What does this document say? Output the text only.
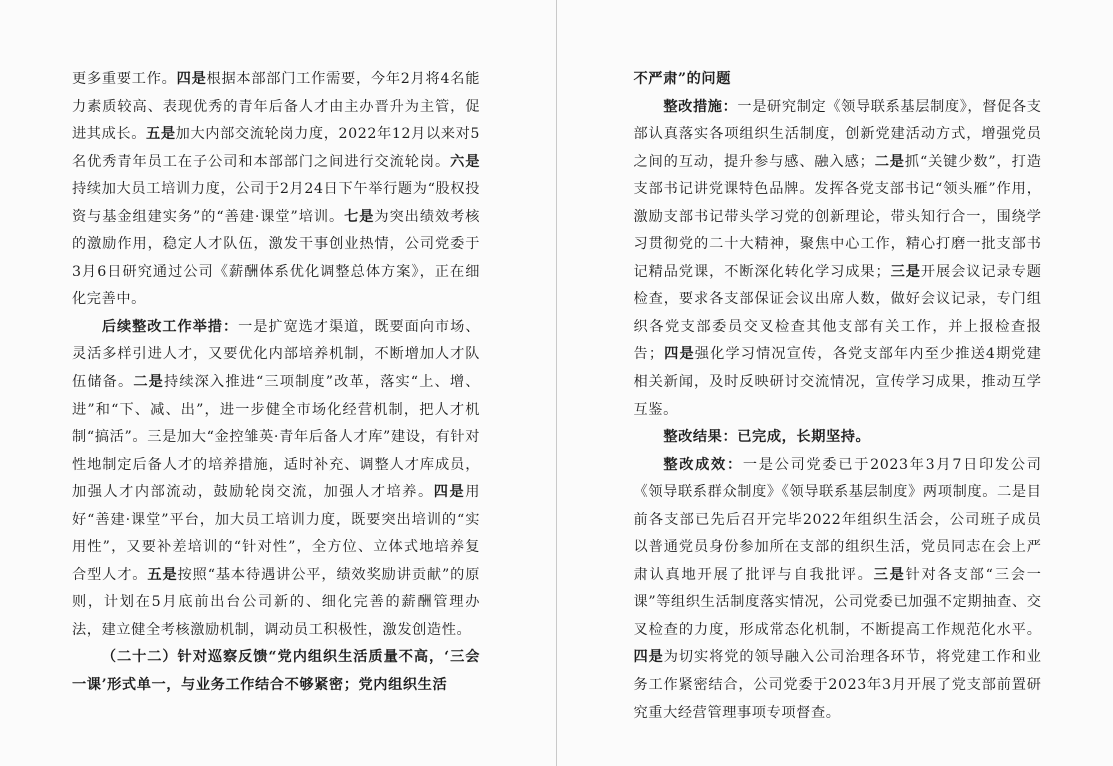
更多重要工作。四是根据本部部门工作需要，今年2月将4名能力素质较高、表现优秀的青年后备人才由主办晋升为主管，促进其成长。五是加大内部交流轮岗力度，2022年12月以来对5名优秀青年员工在子公司和本部部门之间进行交流轮岗。六是持续加大员工培训力度，公司于2月24日下午举行题为“股权投资与基金组建实务”的“善建·课堂”培训。七是为突出绩效考核的激励作用，稳定人才队伍，激发干事创业热情，公司党委于3月6日研究通过公司《薪酬体系优化调整总体方案》，正在细化完善中。

后续整改工作举措：一是扩宽选才渠道，既要面向市场、灵活多样引进人才，又要优化内部培养机制，不断增加人才队伍储备。二是持续深入推进“三项制度”改革，落实“上、增、进”和“下、减、出”，进一步健全市场化经营机制，把人才机制“搞活”。三是加大“金控雏英·青年后备人才库”建设，有针对性地制定后备人才的培养措施，适时补充、调整人才库成员，加强人才内部流动，鼓励轮岗交流，加强人才培养。四是用好“善建·课堂”平台，加大员工培训力度，既要突出培训的“实用性”，又要补差培训的“针对性”，全方位、立体式地培养复合型人才。五是按照“基本待遇讲公平，绩效奖励讲贡献”的原则，计划在5月底前出台公司新的、细化完善的薪酬管理办法，建立健全考核激励机制，调动员工积极性，激发创造性。

（二十二）针对巡察反馈“党内组织生活质量不高，‘三会一课’形式单一，与业务工作结合不够紧密；党内组织生活

不严肃”的问题

整改措施：一是研究制定《领导联系基层制度》，督促各支部认真落实各项组织生活制度，创新党建活动方式，增强党员之间的互动，提升参与感、融入感；二是抓“关键少数”，打造支部书记讲党课特色品牌。发挥各党支部书记“领头雁”作用，激励支部书记带头学习党的创新理论，带头知行合一，围绕学习贯彻党的二十大精神，聚焦中心工作，精心打磨一批支部书记精品党课，不断深化转化学习成果；三是开展会议记录专题检查，要求各支部保证会议出席人数，做好会议记录，专门组织各党支部委员交叉检查其他支部有关工作，并上报检查报告；四是强化学习情况宣传，各党支部年内至少推送4期党建相关新闻，及时反映研讨交流情况，宣传学习成果，推动互学互鉴。

整改结果：已完成，长期坚持。

整改成效：一是公司党委已于2023年3月7日印发公司《领导联系群众制度》《领导联系基层制度》两项制度。二是目前各支部已先后召开完毕2022年组织生活会，公司班子成员以普通党员身份参加所在支部的组织生活，党员同志在会上严肃认真地开展了批评与自我批评。三是针对各支部“三会一课”等组织生活制度落实情况，公司党委已加强不定期抽查、交叉检查的力度，形成常态化机制，不断提高工作规范化水平。四是为切实将党的领导融入公司治理各环节，将党建工作和业务工作紧密结合，公司党委于2023年3月开展了党支部前置研究重大经营管理事项专项督查。
